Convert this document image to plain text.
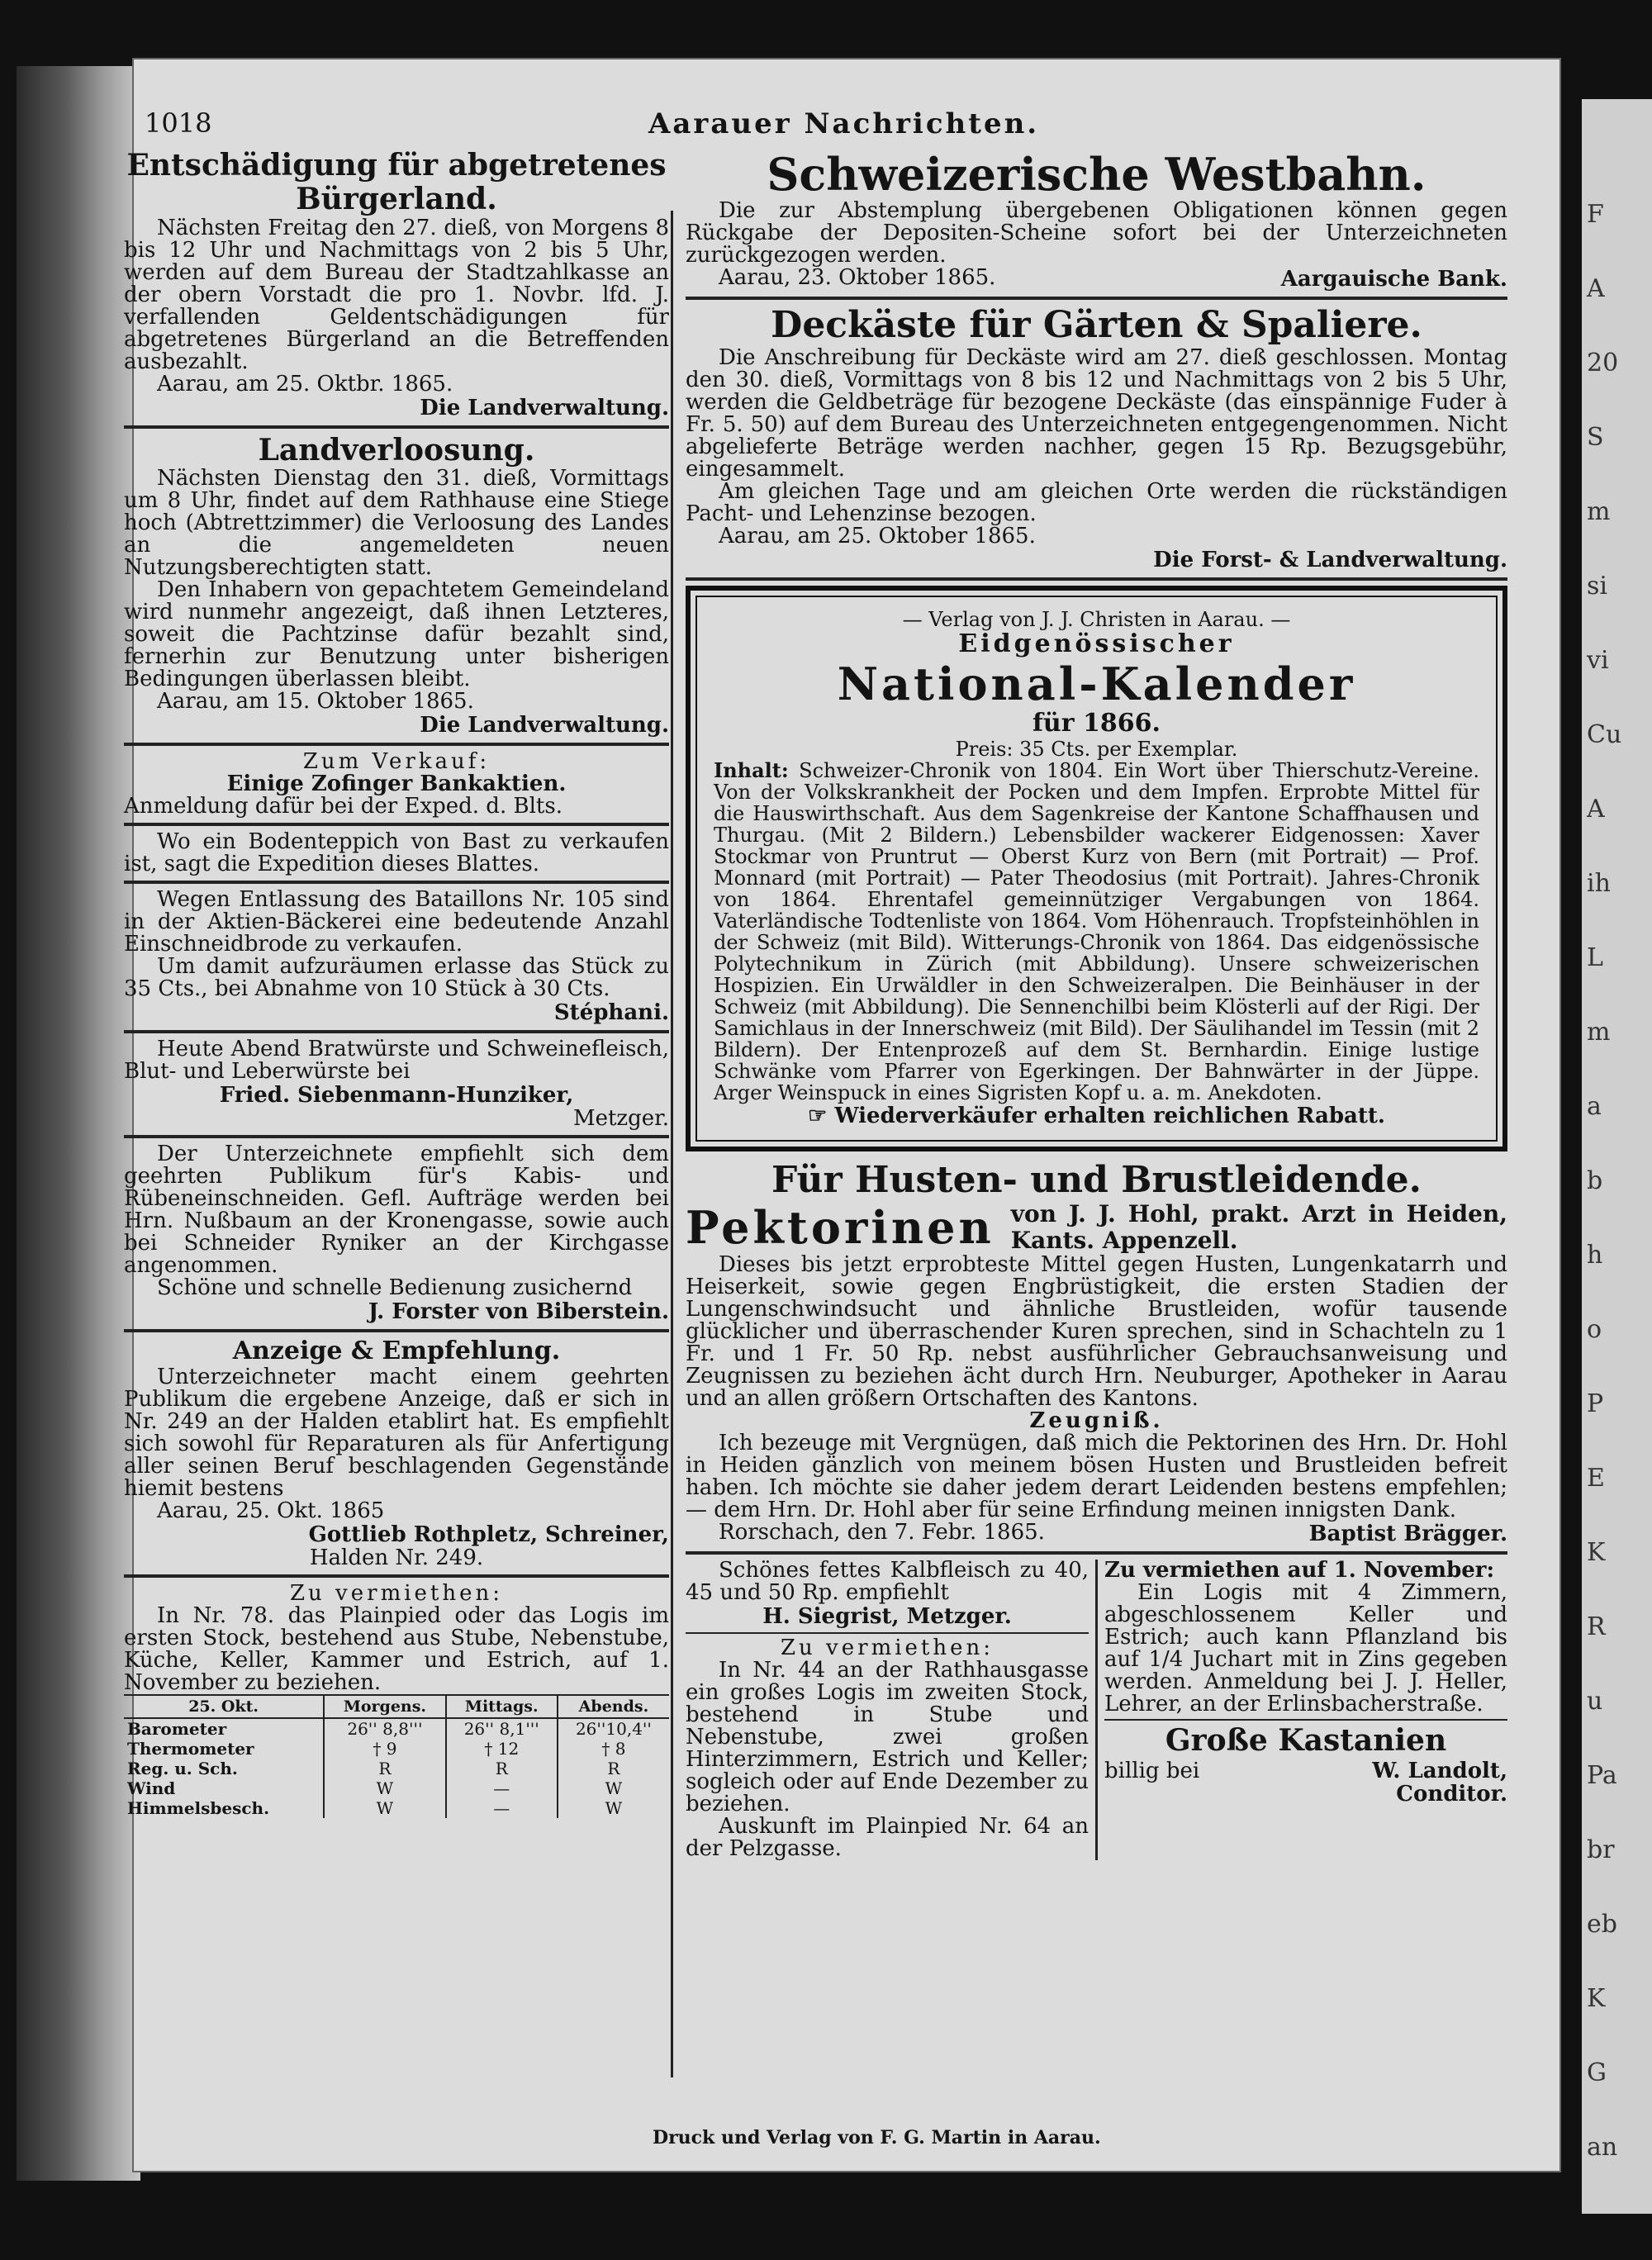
F
A
20
S
m
si
vi
Cu
A
ih
L
m
a
b
h
o
P
E
K
R
u
Pa
br
eb
K
G
an
1018	Aarauer Nachrichten.
Entschädigung für abgetretenes Bürgerland.

Nächsten Freitag den 27. dieß, von Morgens 8 bis 12 Uhr und Nachmittags von 2 bis 5 Uhr, werden auf dem Bureau der Stadtzahlkasse an der obern Vorstadt die pro 1. Novbr. lfd. J. verfallenden Geldentschädigungen für abgetretenes Bürgerland an die Betreffenden ausbezahlt.

Aarau, am 25. Oktbr. 1865.

Die Landverwaltung.

Landverloosung.

Nächsten Dienstag den 31. dieß, Vormittags um 8 Uhr, findet auf dem Rathhause eine Stiege hoch (Abtrettzimmer) die Verloosung des Landes an die angemeldeten neuen Nutzungsberechtigten statt.

Den Inhabern von gepachtetem Gemeindeland wird nunmehr angezeigt, daß ihnen Letzteres, soweit die Pachtzinse dafür bezahlt sind, fernerhin zur Benutzung unter bisherigen Bedingungen überlassen bleibt.

Aarau, am 15. Oktober 1865.

Die Landverwaltung.

Zum Verkauf:

Einige Zofinger Bankaktien.

Anmeldung dafür bei der Exped. d. Blts.

Wo ein Bodenteppich von Bast zu verkaufen ist, sagt die Expedition dieses Blattes.

Wegen Entlassung des Bataillons Nr. 105 sind in der Aktien-Bäckerei eine bedeutende Anzahl Einschneidbrode zu verkaufen.

Um damit aufzuräumen erlasse das Stück zu 35 Cts., bei Abnahme von 10 Stück à 30 Cts.

Stéphani.

Heute Abend Bratwürste und Schweinefleisch, Blut- und Leberwürste bei

Fried. Siebenmann-Hunziker,

Metzger.

Der Unterzeichnete empfiehlt sich dem geehrten Publikum für's Kabis- und Rübeneinschneiden. Gefl. Aufträge werden bei Hrn. Nußbaum an der Kronengasse, sowie auch bei Schneider Ryniker an der Kirchgasse angenommen.

Schöne und schnelle Bedienung zusichernd

J. Forster von Biberstein.

Anzeige & Empfehlung.

Unterzeichneter macht einem geehrten Publikum die ergebene Anzeige, daß er sich in Nr. 249 an der Halden etablirt hat. Es empfiehlt sich sowohl für Reparaturen als für Anfertigung aller seinen Beruf beschlagenden Gegenstände hiemit bestens

Aarau, 25. Okt. 1865

Gottlieb Rothpletz, Schreiner,

Halden Nr. 249.

Zu vermiethen:

In Nr. 78. das Plainpied oder das Logis im ersten Stock, bestehend aus Stube, Nebenstube, Küche, Keller, Kammer und Estrich, auf 1. November zu beziehen.

25. Okt.	Morgens.	Mittags.	Abends.
Barometer	26'' 8,8'''	26'' 8,1'''	26''10,4''
Thermometer	† 9	† 12	† 8
Reg. u. Sch.	R	R	R
Wind	W	—	W
Himmelsbesch.	W	—	W
Schweizerische Westbahn.

Die zur Abstemplung übergebenen Obligationen können gegen Rückgabe der Depositen-Scheine sofort bei der Unterzeichneten zurückgezogen werden.

Aarau, 23. Oktober 1865.	Aargauische Bank.
Deckäste für Gärten & Spaliere.

Die Anschreibung für Deckäste wird am 27. dieß geschlossen. Montag den 30. dieß, Vormittags von 8 bis 12 und Nachmittags von 2 bis 5 Uhr, werden die Geldbeträge für bezogene Deckäste (das einspännige Fuder à Fr. 5. 50) auf dem Bureau des Unterzeichneten entgegengenommen. Nicht abgelieferte Beträge werden nachher, gegen 15 Rp. Bezugsgebühr, eingesammelt.

Am gleichen Tage und am gleichen Orte werden die rückständigen Pacht- und Lehenzinse bezogen.

Aarau, am 25. Oktober 1865.

Die Forst- & Landverwaltung.

— Verlag von J. J. Christen in Aarau. —

Eidgenössischer
National-Kalender
für 1866.

Preis: 35 Cts. per Exemplar.

Inhalt: Schweizer-Chronik von 1804. Ein Wort über Thierschutz-Vereine. Von der Volkskrankheit der Pocken und dem Impfen. Erprobte Mittel für die Hauswirthschaft. Aus dem Sagenkreise der Kantone Schaffhausen und Thurgau. (Mit 2 Bildern.) Lebensbilder wackerer Eidgenossen: Xaver Stockmar von Pruntrut — Oberst Kurz von Bern (mit Portrait) — Prof. Monnard (mit Portrait) — Pater Theodosius (mit Portrait). Jahres-Chronik von 1864. Ehrentafel gemeinnütziger Vergabungen von 1864. Vaterländische Todtenliste von 1864. Vom Höhenrauch. Tropfsteinhöhlen in der Schweiz (mit Bild). Witterungs-Chronik von 1864. Das eidgenössische Polytechnikum in Zürich (mit Abbildung). Unsere schweizerischen Hospizien. Ein Urwäldler in den Schweizeralpen. Die Beinhäuser in der Schweiz (mit Abbildung). Die Sennenchilbi beim Klösterli auf der Rigi. Der Samichlaus in der Innerschweiz (mit Bild). Der Säulihandel im Tessin (mit 2 Bildern). Der Entenprozeß auf dem St. Bernhardin. Einige lustige Schwänke vom Pfarrer von Egerkingen. Der Bahnwärter in der Jüppe. Arger Weinspuck in eines Sigristen Kopf u. a. m. Anekdoten.

☞ Wiederverkäufer erhalten reichlichen Rabatt.

Für Husten- und Brustleidende.
Pektorinen von J. J. Hohl, prakt. Arzt in Heiden, Kants. Appenzell.

Dieses bis jetzt erprobteste Mittel gegen Husten, Lungenkatarrh und Heiserkeit, sowie gegen Engbrüstigkeit, die ersten Stadien der Lungenschwindsucht und ähnliche Brustleiden, wofür tausende glücklicher und überraschender Kuren sprechen, sind in Schachteln zu 1 Fr. und 1 Fr. 50 Rp. nebst ausführlicher Gebrauchsanweisung und Zeugnissen zu beziehen ächt durch Hrn. Neuburger, Apotheker in Aarau und an allen größern Ortschaften des Kantons.

Zeugniß.

Ich bezeuge mit Vergnügen, daß mich die Pektorinen des Hrn. Dr. Hohl in Heiden gänzlich von meinem bösen Husten und Brustleiden befreit haben. Ich möchte sie daher jedem derart Leidenden bestens empfehlen; — dem Hrn. Dr. Hohl aber für seine Erfindung meinen innigsten Dank.

Rorschach, den 7. Febr. 1865.	Baptist Brägger.

Schönes fettes Kalbfleisch zu 40, 45 und 50 Rp. empfiehlt

H. Siegrist, Metzger.

Zu vermiethen:

In Nr. 44 an der Rathhausgasse ein großes Logis im zweiten Stock, bestehend in Stube und Nebenstube, zwei großen Hinterzimmern, Estrich und Keller; sogleich oder auf Ende Dezember zu beziehen.

Auskunft im Plainpied Nr. 64 an der Pelzgasse.

Zu vermiethen auf 1. November:

Ein Logis mit 4 Zimmern, abgeschlossenem Keller und Estrich; auch kann Pflanzland bis auf 1/4 Juchart mit in Zins gegeben werden. Anmeldung bei J. J. Heller, Lehrer, an der Erlinsbacherstraße.

Große Kastanien
billig bei	W. Landolt,

Conditor.

Druck und Verlag von F. G. Martin in Aarau.
